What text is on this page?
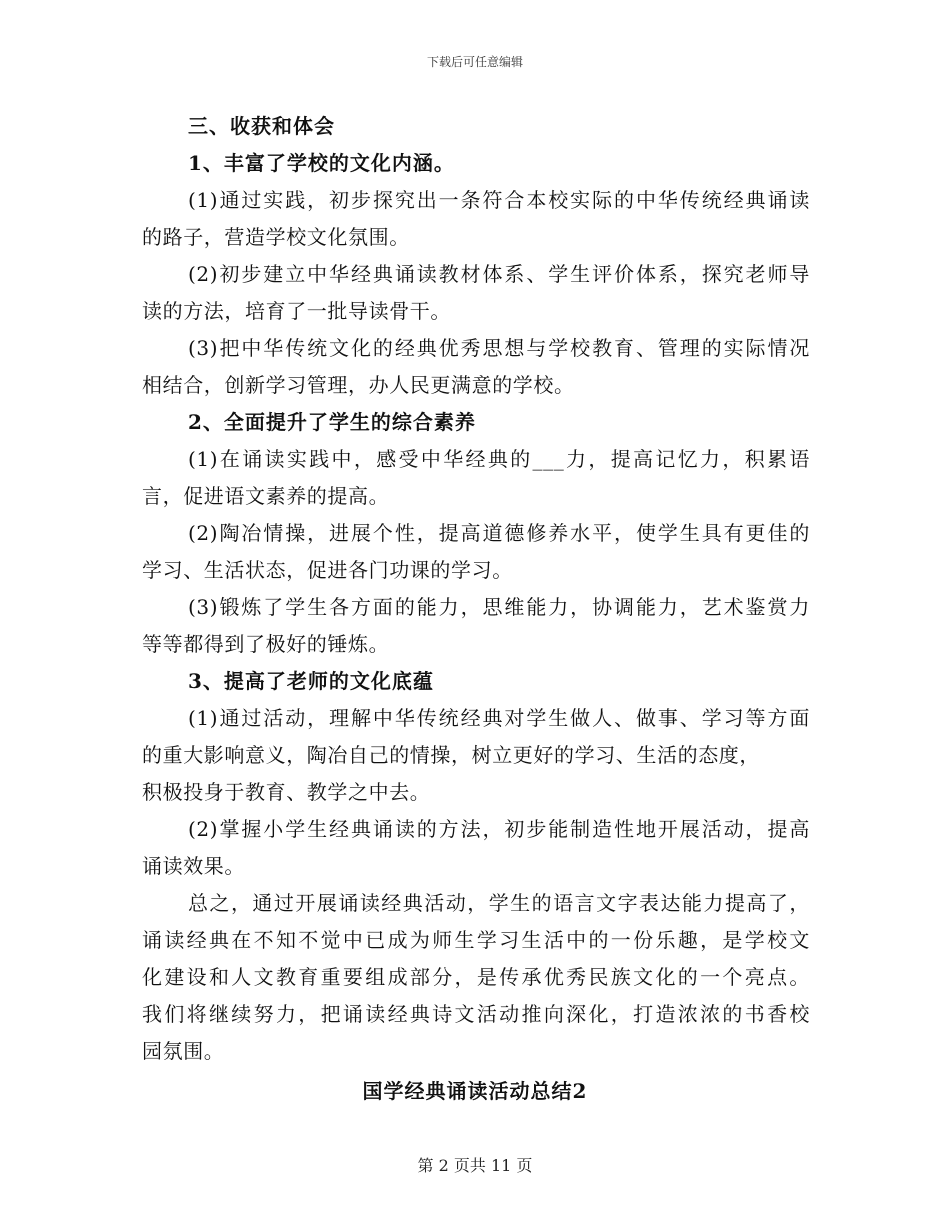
下载后可任意编辑
三、收获和体会
1、丰富了学校的文化内涵。
(1)通过实践，初步探究出一条符合本校实际的中华传统经典诵读
的路子，营造学校文化氛围。
(2)初步建立中华经典诵读教材体系、学生评价体系，探究老师导
读的方法，培育了一批导读骨干。
(3)把中华传统文化的经典优秀思想与学校教育、管理的实际情况
相结合，创新学习管理，办人民更满意的学校。
2、全面提升了学生的综合素养
(1)在诵读实践中，感受中华经典的___力，提高记忆力，积累语
言，促进语文素养的提高。
(2)陶冶情操，进展个性，提高道德修养水平，使学生具有更佳的
学习、生活状态，促进各门功课的学习。
(3)锻炼了学生各方面的能力，思维能力，协调能力，艺术鉴赏力
等等都得到了极好的锤炼。
3、提高了老师的文化底蕴
(1)通过活动，理解中华传统经典对学生做人、做事、学习等方面
的重大影响意义，陶冶自己的情操，树立更好的学习、生活的态度，
积极投身于教育、教学之中去。
(2)掌握小学生经典诵读的方法，初步能制造性地开展活动，提高
诵读效果。
总之，通过开展诵读经典活动，学生的语言文字表达能力提高了，
诵读经典在不知不觉中已成为师生学习生活中的一份乐趣，是学校文
化建设和人文教育重要组成部分，是传承优秀民族文化的一个亮点。
我们将继续努力，把诵读经典诗文活动推向深化，打造浓浓的书香校
园氛围。
国学经典诵读活动总结2
第 2 页共 11 页
